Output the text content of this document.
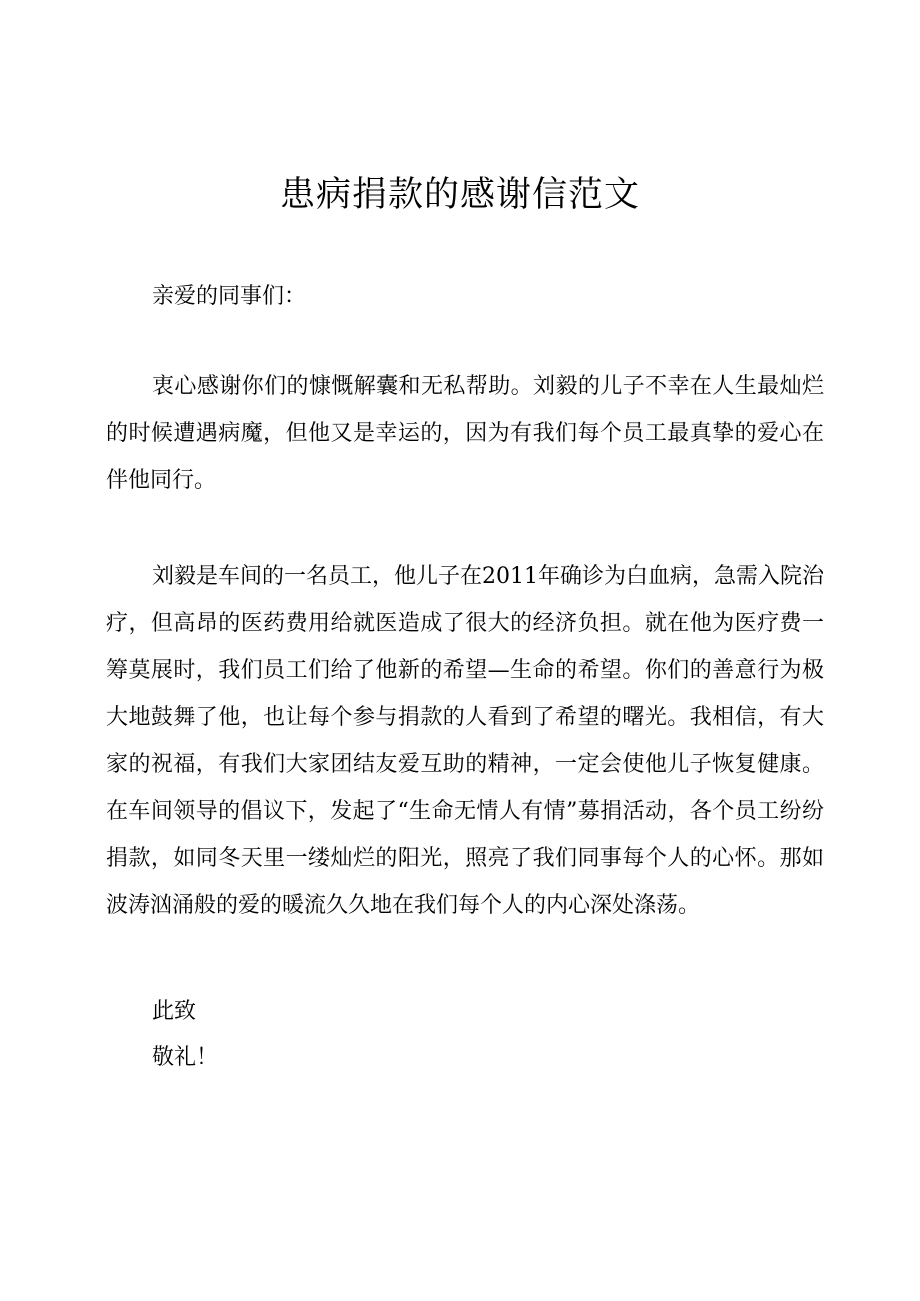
患病捐款的感谢信范文

亲爱的同事们：

衷心感谢你们的慷慨解囊和无私帮助。刘毅的儿子不幸在人生最灿烂的时候遭遇病魔，但他又是幸运的，因为有我们每个员工最真挚的爱心在伴他同行。

刘毅是车间的一名员工，他儿子在2011年确诊为白血病，急需入院治疗，但高昂的医药费用给就医造成了很大的经济负担。就在他为医疗费一筹莫展时，我们员工们给了他新的希望—生命的希望。你们的善意行为极大地鼓舞了他，也让每个参与捐款的人看到了希望的曙光。我相信，有大家的祝福，有我们大家团结友爱互助的精神，一定会使他儿子恢复健康。在车间领导的倡议下，发起了“生命无情人有情”募捐活动，各个员工纷纷捐款，如同冬天里一缕灿烂的阳光，照亮了我们同事每个人的心怀。那如波涛汹涌般的爱的暖流久久地在我们每个人的内心深处涤荡。

此致

敬礼！
